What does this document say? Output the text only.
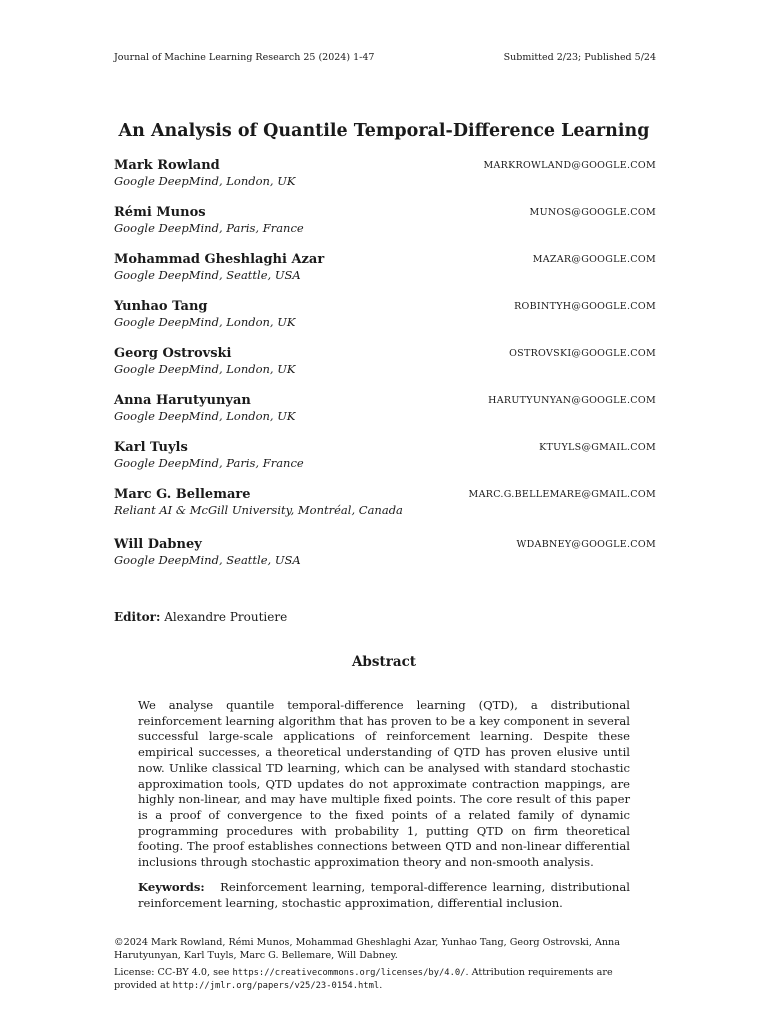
Journal of Machine Learning Research 25 (2024) 1-47	Submitted 2/23; Published 5/24
An Analysis of Quantile Temporal-Difference Learning
Mark Rowland
Google DeepMind, London, UK
MARKROWLAND@GOOGLE.COM
Rémi Munos
Google DeepMind, Paris, France
MUNOS@GOOGLE.COM
Mohammad Gheshlaghi Azar
Google DeepMind, Seattle, USA
MAZAR@GOOGLE.COM
Yunhao Tang
Google DeepMind, London, UK
ROBINTYH@GOOGLE.COM
Georg Ostrovski
Google DeepMind, London, UK
OSTROVSKI@GOOGLE.COM
Anna Harutyunyan
Google DeepMind, London, UK
HARUTYUNYAN@GOOGLE.COM
Karl Tuyls
Google DeepMind, Paris, France
KTUYLS@GMAIL.COM
Marc G. Bellemare
Reliant AI & McGill University, Montréal, Canada
MARC.G.BELLEMARE@GMAIL.COM
Will Dabney
Google DeepMind, Seattle, USA
WDABNEY@GOOGLE.COM
Editor: Alexandre Proutiere
Abstract
We analyse quantile temporal-difference learning (QTD), a distributional reinforcement learning algorithm that has proven to be a key component in several successful large-scale applications of reinforcement learning. Despite these empirical successes, a theoretical understanding of QTD has proven elusive until now. Unlike classical TD learning, which can be analysed with standard stochastic approximation tools, QTD updates do not approximate contraction mappings, are highly non-linear, and may have multiple fixed points. The core result of this paper is a proof of convergence to the fixed points of a related family of dynamic programming procedures with probability 1, putting QTD on firm theoretical footing. The proof establishes connections between QTD and non-linear differential inclusions through stochastic approximation theory and non-smooth analysis.
Keywords: Reinforcement learning, temporal-difference learning, distributional reinforcement learning, stochastic approximation, differential inclusion.
©2024 Mark Rowland, Rémi Munos, Mohammad Gheshlaghi Azar, Yunhao Tang, Georg Ostrovski, Anna Harutyunyan, Karl Tuyls, Marc G. Bellemare, Will Dabney.
License: CC-BY 4.0, see https://creativecommons.org/licenses/by/4.0/. Attribution requirements are provided at http://jmlr.org/papers/v25/23-0154.html.
